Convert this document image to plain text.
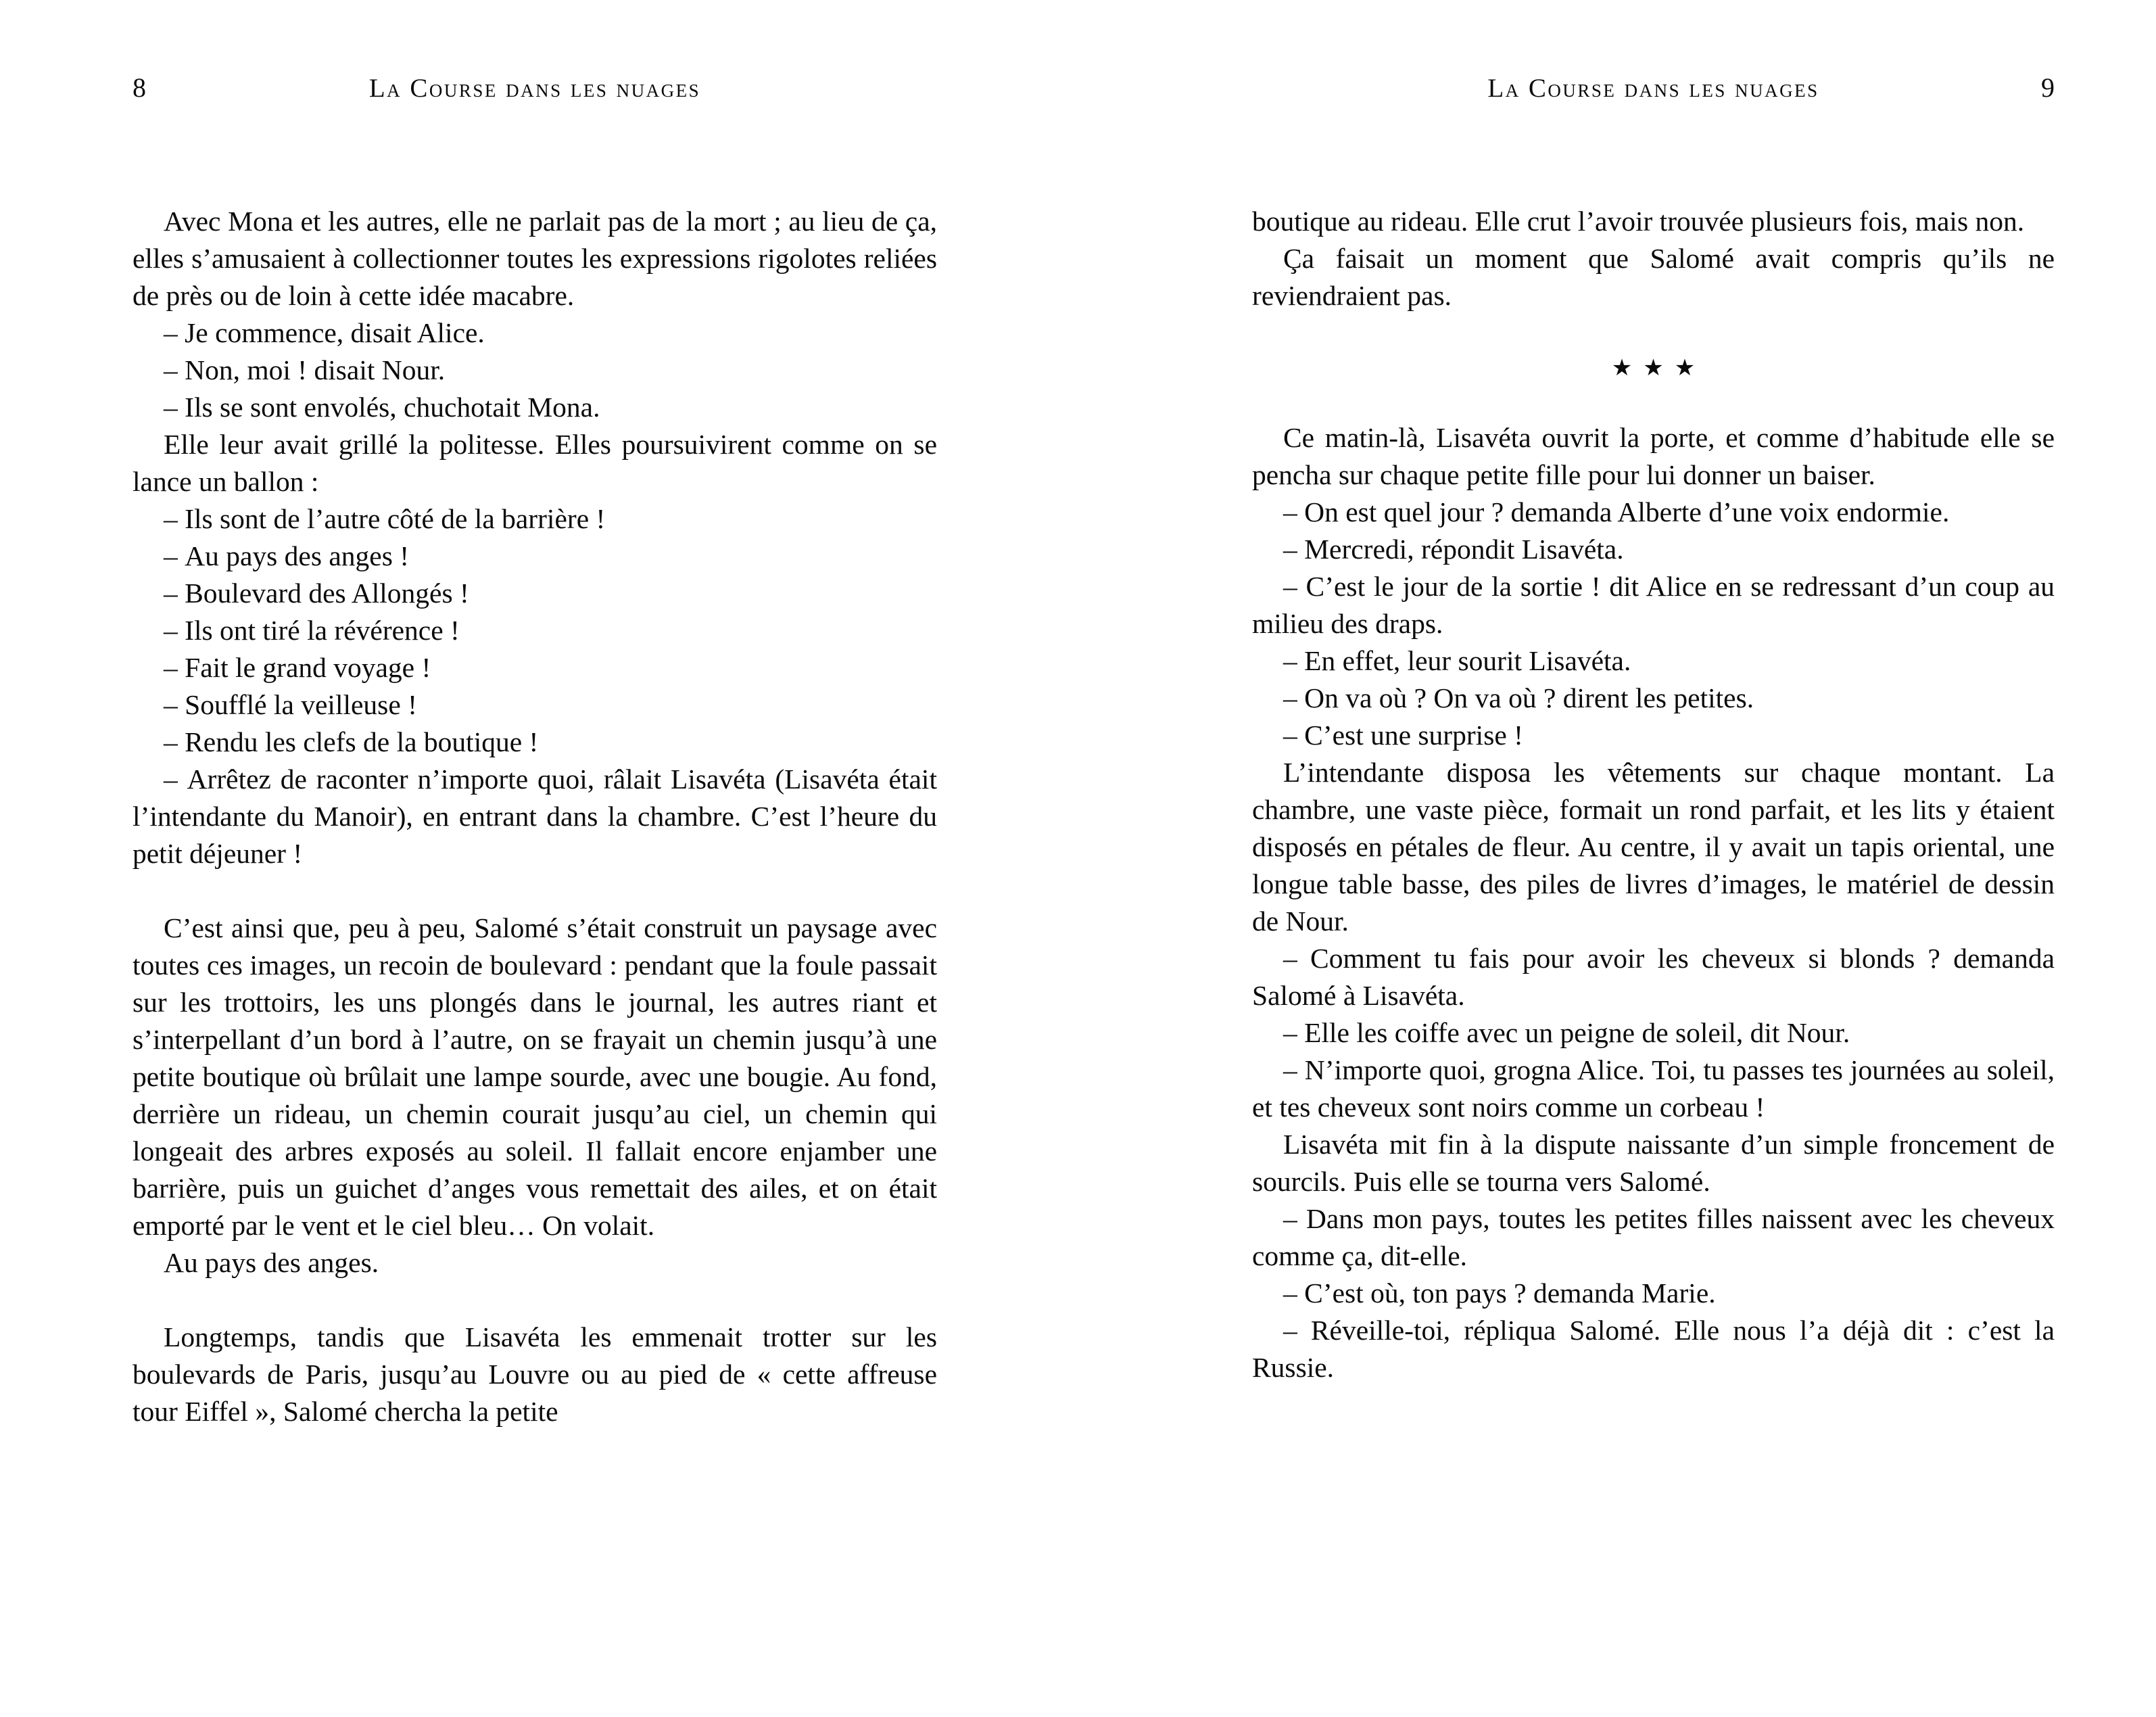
8	La Course dans les nuages

Avec Mona et les autres, elle ne parlait pas de la mort ; au lieu de ça, elles s’amusaient à collectionner toutes les expressions rigolotes reliées de près ou de loin à cette idée macabre.

– Je commence, disait Alice.

– Non, moi ! disait Nour.

– Ils se sont envolés, chuchotait Mona.

Elle leur avait grillé la politesse. Elles poursuivirent comme on se lance un ballon :

– Ils sont de l’autre côté de la barrière !

– Au pays des anges !

– Boulevard des Allongés !

– Ils ont tiré la révérence !

– Fait le grand voyage !

– Soufflé la veilleuse !

– Rendu les clefs de la boutique !

– Arrêtez de raconter n’importe quoi, râlait Lisavéta (Lisavéta était l’intendante du Manoir), en entrant dans la chambre. C’est l’heure du petit déjeuner !

C’est ainsi que, peu à peu, Salomé s’était construit un paysage avec toutes ces images, un recoin de boulevard : pendant que la foule passait sur les trottoirs, les uns plongés dans le journal, les autres riant et s’interpellant d’un bord à l’autre, on se frayait un chemin jusqu’à une petite boutique où brûlait une lampe sourde, avec une bougie. Au fond, derrière un rideau, un chemin courait jusqu’au ciel, un chemin qui longeait des arbres exposés au soleil. Il fallait encore enjamber une barrière, puis un guichet d’anges vous remettait des ailes, et on était emporté par le vent et le ciel bleu… On volait.

Au pays des anges.

Longtemps, tandis que Lisavéta les emmenait trotter sur les boulevards de Paris, jusqu’au Louvre ou au pied de « cette affreuse tour Eiffel », Salomé chercha la petite

La Course dans les nuages	9

boutique au rideau. Elle crut l’avoir trouvée plusieurs fois, mais non.

Ça faisait un moment que Salomé avait compris qu’ils ne reviendraient pas.

★★★

Ce matin-là, Lisavéta ouvrit la porte, et comme d’habitude elle se pencha sur chaque petite fille pour lui donner un baiser.

– On est quel jour ? demanda Alberte d’une voix endormie.

– Mercredi, répondit Lisavéta.

– C’est le jour de la sortie ! dit Alice en se redressant d’un coup au milieu des draps.

– En effet, leur sourit Lisavéta.

– On va où ? On va où ? dirent les petites.

– C’est une surprise !

L’intendante disposa les vêtements sur chaque montant. La chambre, une vaste pièce, formait un rond parfait, et les lits y étaient disposés en pétales de fleur. Au centre, il y avait un tapis oriental, une longue table basse, des piles de livres d’images, le matériel de dessin de Nour.

– Comment tu fais pour avoir les cheveux si blonds ? demanda Salomé à Lisavéta.

– Elle les coiffe avec un peigne de soleil, dit Nour.

– N’importe quoi, grogna Alice. Toi, tu passes tes journées au soleil, et tes cheveux sont noirs comme un corbeau !

Lisavéta mit fin à la dispute naissante d’un simple froncement de sourcils. Puis elle se tourna vers Salomé.

– Dans mon pays, toutes les petites filles naissent avec les cheveux comme ça, dit-elle.

– C’est où, ton pays ? demanda Marie.

– Réveille-toi, répliqua Salomé. Elle nous l’a déjà dit : c’est la Russie.
